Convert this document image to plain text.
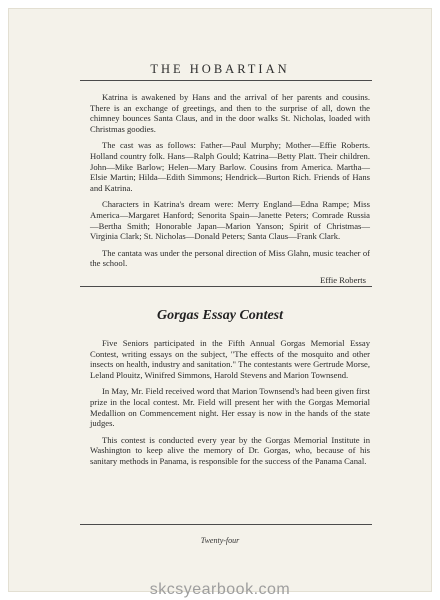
THE HOBARTIAN

Katrina is awakened by Hans and the arrival of her parents and cousins. There is an exchange of greetings, and then to the surprise of all, down the chimney bounces Santa Claus, and in the door walks St. Nicholas, loaded with Christmas goodies.

The cast was as follows: Father—Paul Murphy; Mother—Effie Roberts. Holland country folk. Hans—Ralph Gould; Katrina—Betty Platt. Their children. John—Mike Barlow; Helen—Mary Barlow. Cousins from America. Martha—Elsie Martin; Hilda—Edith Simmons; Hendrick—Burton Rich. Friends of Hans and Katrina.

Characters in Katrina's dream were: Merry England—Edna Rampe; Miss America—Margaret Hanford; Senorita Spain—Janette Peters; Comrade Russia—Bertha Smith; Honorable Japan—Marion Yanson; Spirit of Christmas—Virginia Clark; St. Nicholas—Donald Peters; Santa Claus—Frank Clark.

The cantata was under the personal direction of Miss Glahn, music teacher of the school.

Effie Roberts

Gorgas Essay Contest

Five Seniors participated in the Fifth Annual Gorgas Memorial Essay Contest, writing essays on the subject, "The effects of the mosquito and other insects on health, industry and sanitation." The contestants were Gertrude Morse, Leland Plouitz, Winifred Simmons, Harold Stevens and Marion Townsend.

In May, Mr. Field received word that Marion Townsend's had been given first prize in the local contest. Mr. Field will present her with the Gorgas Memorial Medallion on Commencement night. Her essay is now in the hands of the state judges.

This contest is conducted every year by the Gorgas Memorial Institute in Washington to keep alive the memory of Dr. Gorgas, who, because of his sanitary methods in Panama, is responsible for the success of the Panama Canal.

Twenty-four
skcsyearbook.com
